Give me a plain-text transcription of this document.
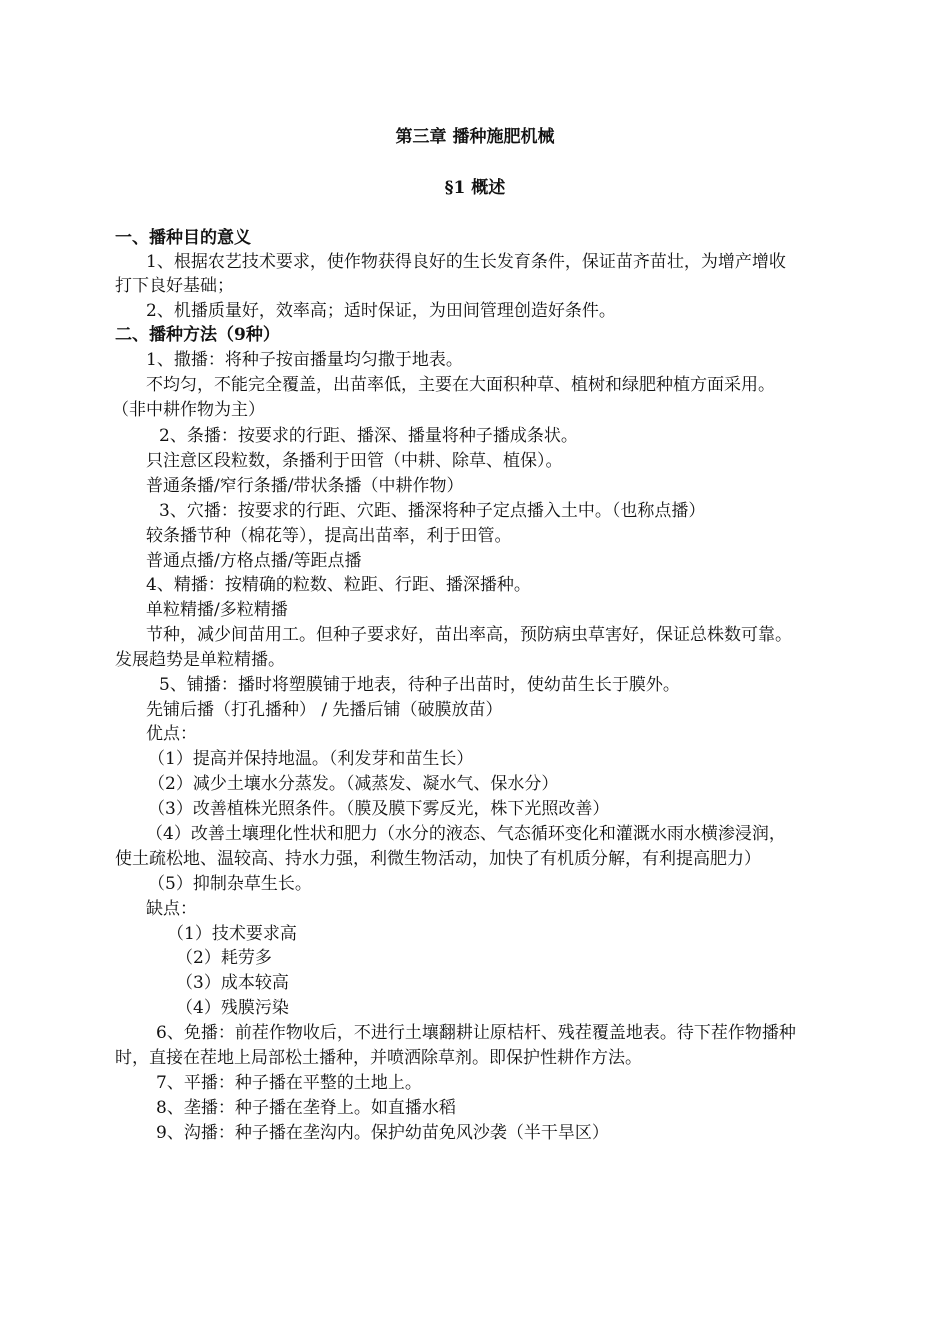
第三章 播种施肥机械
§1 概述
一、播种目的意义
1、根据农艺技术要求，使作物获得良好的生长发育条件，保证苗齐苗壮，为增产增收
打下良好基础；
2、机播质量好，效率高；适时保证，为田间管理创造好条件。
二、播种方法（9种）
1、撒播：将种子按亩播量均匀撒于地表。
不均匀，不能完全覆盖，出苗率低，主要在大面积种草、植树和绿肥种植方面采用。
（非中耕作物为主）
2、条播：按要求的行距、播深、播量将种子播成条状。
只注意区段粒数，条播利于田管（中耕、除草、植保）。
普通条播/窄行条播/带状条播（中耕作物）
3、穴播：按要求的行距、穴距、播深将种子定点播入土中。（也称点播）
较条播节种（棉花等），提高出苗率，利于田管。
普通点播/方格点播/等距点播
4、精播：按精确的粒数、粒距、行距、播深播种。
单粒精播/多粒精播
节种，减少间苗用工。但种子要求好，苗出率高，预防病虫草害好，保证总株数可靠。
发展趋势是单粒精播。
5、铺播：播时将塑膜铺于地表，待种子出苗时，使幼苗生长于膜外。
先铺后播（打孔播种） / 先播后铺（破膜放苗）
优点：
（1）提高并保持地温。（利发芽和苗生长）
（2）减少土壤水分蒸发。（减蒸发、凝水气、保水分）
（3）改善植株光照条件。（膜及膜下雾反光，株下光照改善）
（4）改善土壤理化性状和肥力（水分的液态、气态循环变化和灌溉水雨水横渗浸润，
使土疏松地、温较高、持水力强，利微生物活动，加快了有机质分解，有利提高肥力）
（5）抑制杂草生长。
缺点：
（1）技术要求高
（2）耗劳多
（3）成本较高
（4）残膜污染
6、免播：前茬作物收后，不进行土壤翻耕让原桔杆、残茬覆盖地表。待下茬作物播种
时，直接在茬地上局部松土播种，并喷洒除草剂。即保护性耕作方法。
7、平播：种子播在平整的土地上。
8、垄播：种子播在垄脊上。如直播水稻
9、沟播：种子播在垄沟内。保护幼苗免风沙袭（半干旱区）
